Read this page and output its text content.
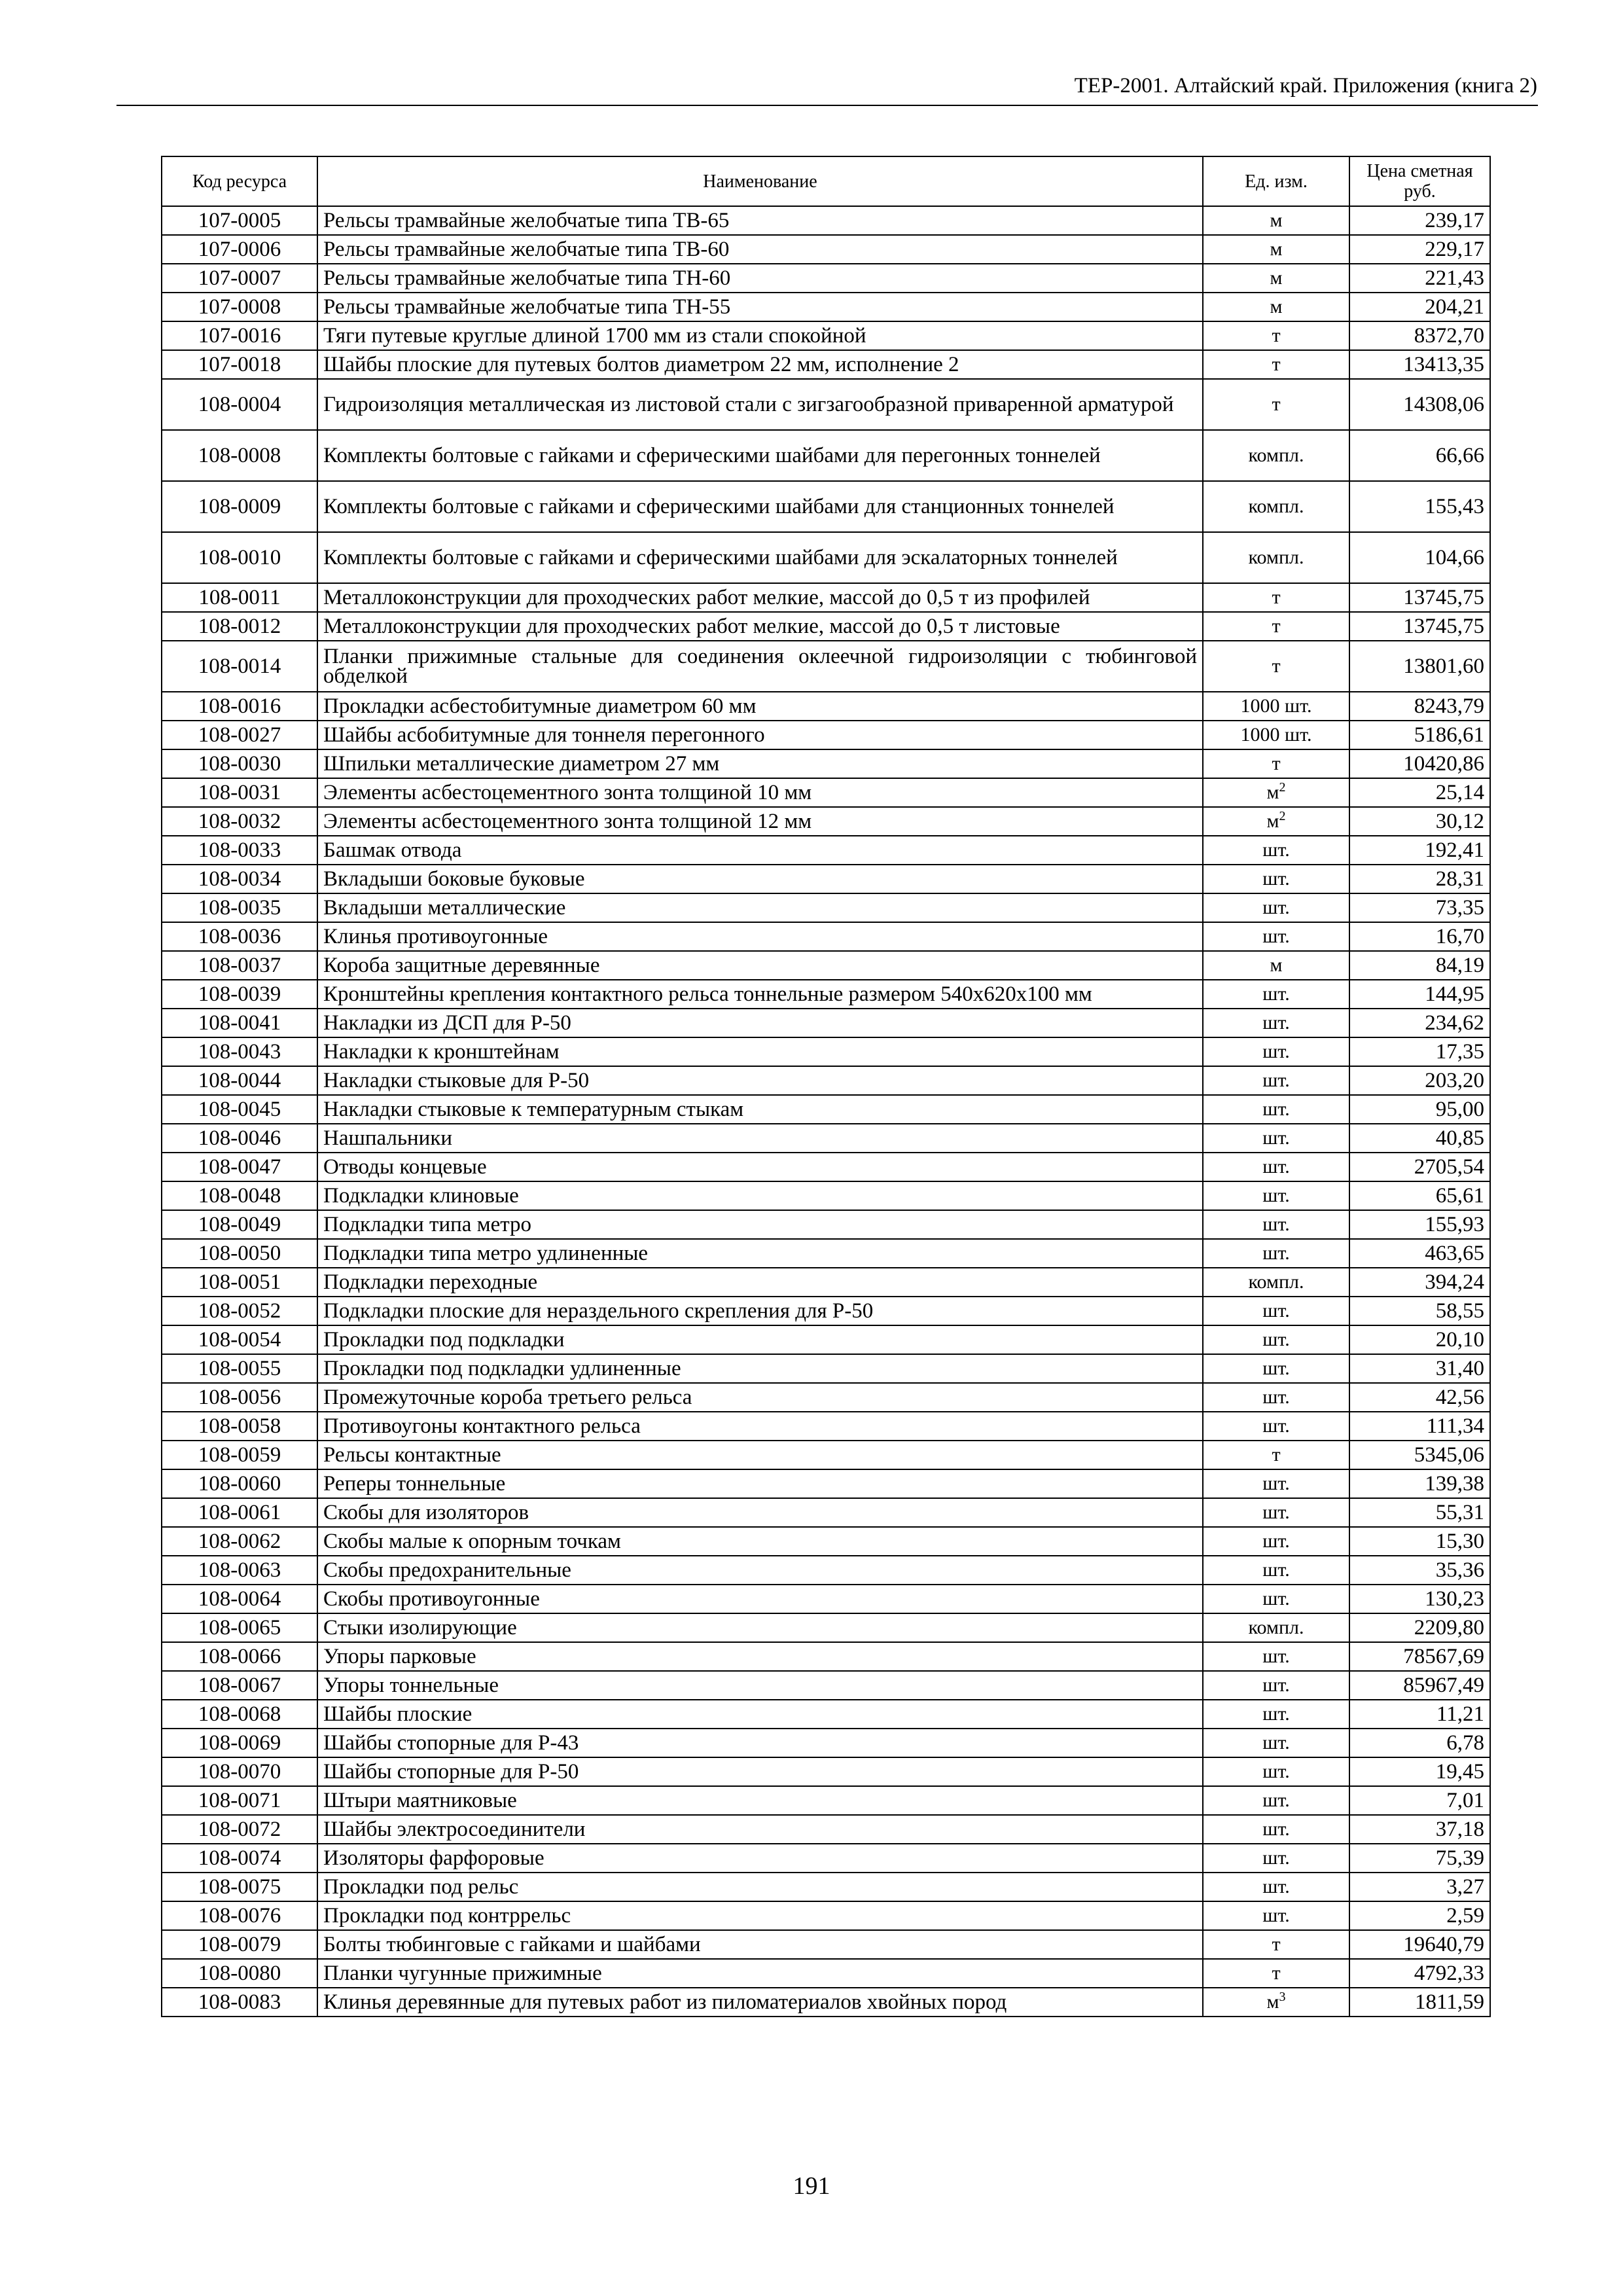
ТЕР-2001. Алтайский край. Приложения (книга 2)
Код ресурса	Наименование	Ед. изм.	Цена сметная руб.
107-0005	Рельсы трамвайные желобчатые типа ТВ-65	м	239,17
107-0006	Рельсы трамвайные желобчатые типа ТВ-60	м	229,17
107-0007	Рельсы трамвайные желобчатые типа ТН-60	м	221,43
107-0008	Рельсы трамвайные желобчатые типа ТН-55	м	204,21
107-0016	Тяги путевые круглые длиной 1700 мм из стали спокойной	т	8372,70
107-0018	Шайбы плоские для путевых болтов диаметром 22 мм, исполнение 2	т	13413,35
108-0004	Гидроизоляция металлическая из листовой стали с зигзагообразной приваренной арматурой	т	14308,06
108-0008	Комплекты болтовые с гайками и сферическими шайбами для перегонных тоннелей	компл.	66,66
108-0009	Комплекты болтовые с гайками и сферическими шайбами для станционных тоннелей	компл.	155,43
108-0010	Комплекты болтовые с гайками и сферическими шайбами для эскалаторных тоннелей	компл.	104,66
108-0011	Металлоконструкции для проходческих работ мелкие, массой до 0,5 т из профилей	т	13745,75
108-0012	Металлоконструкции для проходческих работ мелкие, массой до 0,5 т листовые	т	13745,75
108-0014	Планки прижимные стальные для соединения оклеечной гидроизоляции с тюбинговой обделкой	т	13801,60
108-0016	Прокладки асбестобитумные диаметром 60 мм	1000 шт.	8243,79
108-0027	Шайбы асбобитумные для тоннеля перегонного	1000 шт.	5186,61
108-0030	Шпильки металлические диаметром 27 мм	т	10420,86
108-0031	Элементы асбестоцементного зонта толщиной 10 мм	$м^2$	25,14
108-0032	Элементы асбестоцементного зонта толщиной 12 мм	$м^2$	30,12
108-0033	Башмак отвода	шт.	192,41
108-0034	Вкладыши боковые буковые	шт.	28,31
108-0035	Вкладыши металлические	шт.	73,35
108-0036	Клинья противоугонные	шт.	16,70
108-0037	Короба защитные деревянные	м	84,19
108-0039	Кронштейны крепления контактного рельса тоннельные размером 540х620х100 мм	шт.	144,95
108-0041	Накладки из ДСП для Р-50	шт.	234,62
108-0043	Накладки к кронштейнам	шт.	17,35
108-0044	Накладки стыковые для Р-50	шт.	203,20
108-0045	Накладки стыковые к температурным стыкам	шт.	95,00
108-0046	Нашпальники	шт.	40,85
108-0047	Отводы концевые	шт.	2705,54
108-0048	Подкладки клиновые	шт.	65,61
108-0049	Подкладки типа метро	шт.	155,93
108-0050	Подкладки типа метро удлиненные	шт.	463,65
108-0051	Подкладки переходные	компл.	394,24
108-0052	Подкладки плоские для нераздельного скрепления для Р-50	шт.	58,55
108-0054	Прокладки под подкладки	шт.	20,10
108-0055	Прокладки под подкладки удлиненные	шт.	31,40
108-0056	Промежуточные короба третьего рельса	шт.	42,56
108-0058	Противоугоны контактного рельса	шт.	111,34
108-0059	Рельсы контактные	т	5345,06
108-0060	Реперы тоннельные	шт.	139,38
108-0061	Скобы для изоляторов	шт.	55,31
108-0062	Скобы малые к опорным точкам	шт.	15,30
108-0063	Скобы предохранительные	шт.	35,36
108-0064	Скобы противоугонные	шт.	130,23
108-0065	Стыки изолирующие	компл.	2209,80
108-0066	Упоры парковые	шт.	78567,69
108-0067	Упоры тоннельные	шт.	85967,49
108-0068	Шайбы плоские	шт.	11,21
108-0069	Шайбы стопорные для Р-43	шт.	6,78
108-0070	Шайбы стопорные для Р-50	шт.	19,45
108-0071	Штыри маятниковые	шт.	7,01
108-0072	Шайбы электросоединители	шт.	37,18
108-0074	Изоляторы фарфоровые	шт.	75,39
108-0075	Прокладки под рельс	шт.	3,27
108-0076	Прокладки под контррельс	шт.	2,59
108-0079	Болты тюбинговые с гайками и шайбами	т	19640,79
108-0080	Планки чугунные прижимные	т	4792,33
108-0083	Клинья деревянные для путевых работ из пиломатериалов хвойных пород	$м^3$	1811,59
191
